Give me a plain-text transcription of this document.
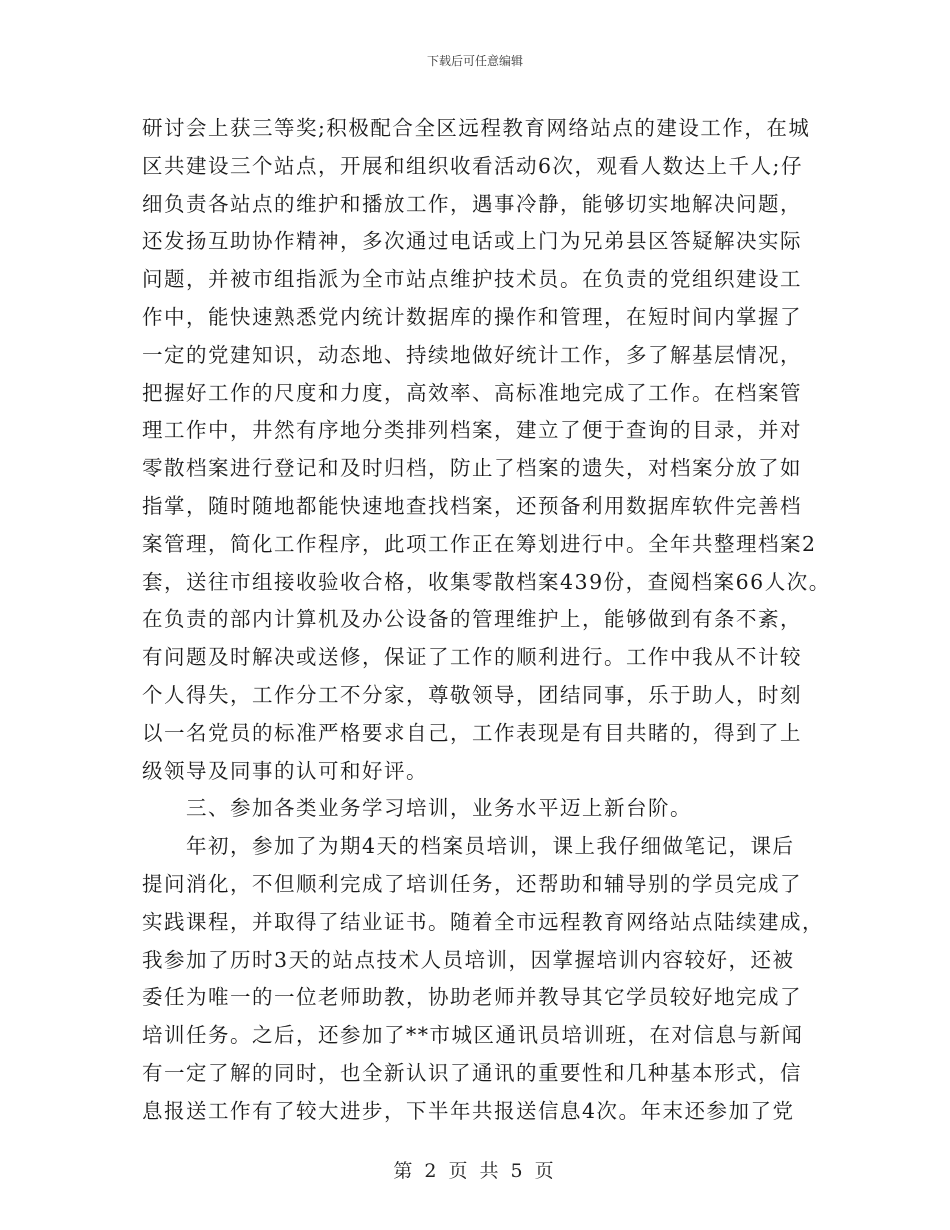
下载后可任意编辑
研讨会上获三等奖;积极配合全区远程教育网络站点的建设工作，在城
区共建设三个站点，开展和组织收看活动6次，观看人数达上千人;仔
细负责各站点的维护和播放工作，遇事冷静，能够切实地解决问题，
还发扬互助协作精神，多次通过电话或上门为兄弟县区答疑解决实际
问题，并被市组指派为全市站点维护技术员。在负责的党组织建设工
作中，能快速熟悉党内统计数据库的操作和管理，在短时间内掌握了
一定的党建知识，动态地、持续地做好统计工作，多了解基层情况，
把握好工作的尺度和力度，高效率、高标准地完成了工作。在档案管
理工作中，井然有序地分类排列档案，建立了便于查询的目录，并对
零散档案进行登记和及时归档，防止了档案的遗失，对档案分放了如
指掌，随时随地都能快速地查找档案，还预备利用数据库软件完善档
案管理，简化工作程序，此项工作正在筹划进行中。全年共整理档案2
套，送往市组接收验收合格，收集零散档案439份，查阅档案66人次。
在负责的部内计算机及办公设备的管理维护上，能够做到有条不紊，
有问题及时解决或送修，保证了工作的顺利进行。工作中我从不计较
个人得失，工作分工不分家，尊敬领导，团结同事，乐于助人，时刻
以一名党员的标准严格要求自己，工作表现是有目共睹的，得到了上
级领导及同事的认可和好评。
三、参加各类业务学习培训，业务水平迈上新台阶。
年初，参加了为期4天的档案员培训，课上我仔细做笔记，课后
提问消化，不但顺利完成了培训任务，还帮助和辅导别的学员完成了
实践课程，并取得了结业证书。随着全市远程教育网络站点陆续建成，
我参加了历时3天的站点技术人员培训，因掌握培训内容较好，还被
委任为唯一的一位老师助教，协助老师并教导其它学员较好地完成了
培训任务。之后，还参加了**市城区通讯员培训班，在对信息与新闻
有一定了解的同时，也全新认识了通讯的重要性和几种基本形式，信
息报送工作有了较大进步，下半年共报送信息4次。年末还参加了党
第 2 页 共 5 页
